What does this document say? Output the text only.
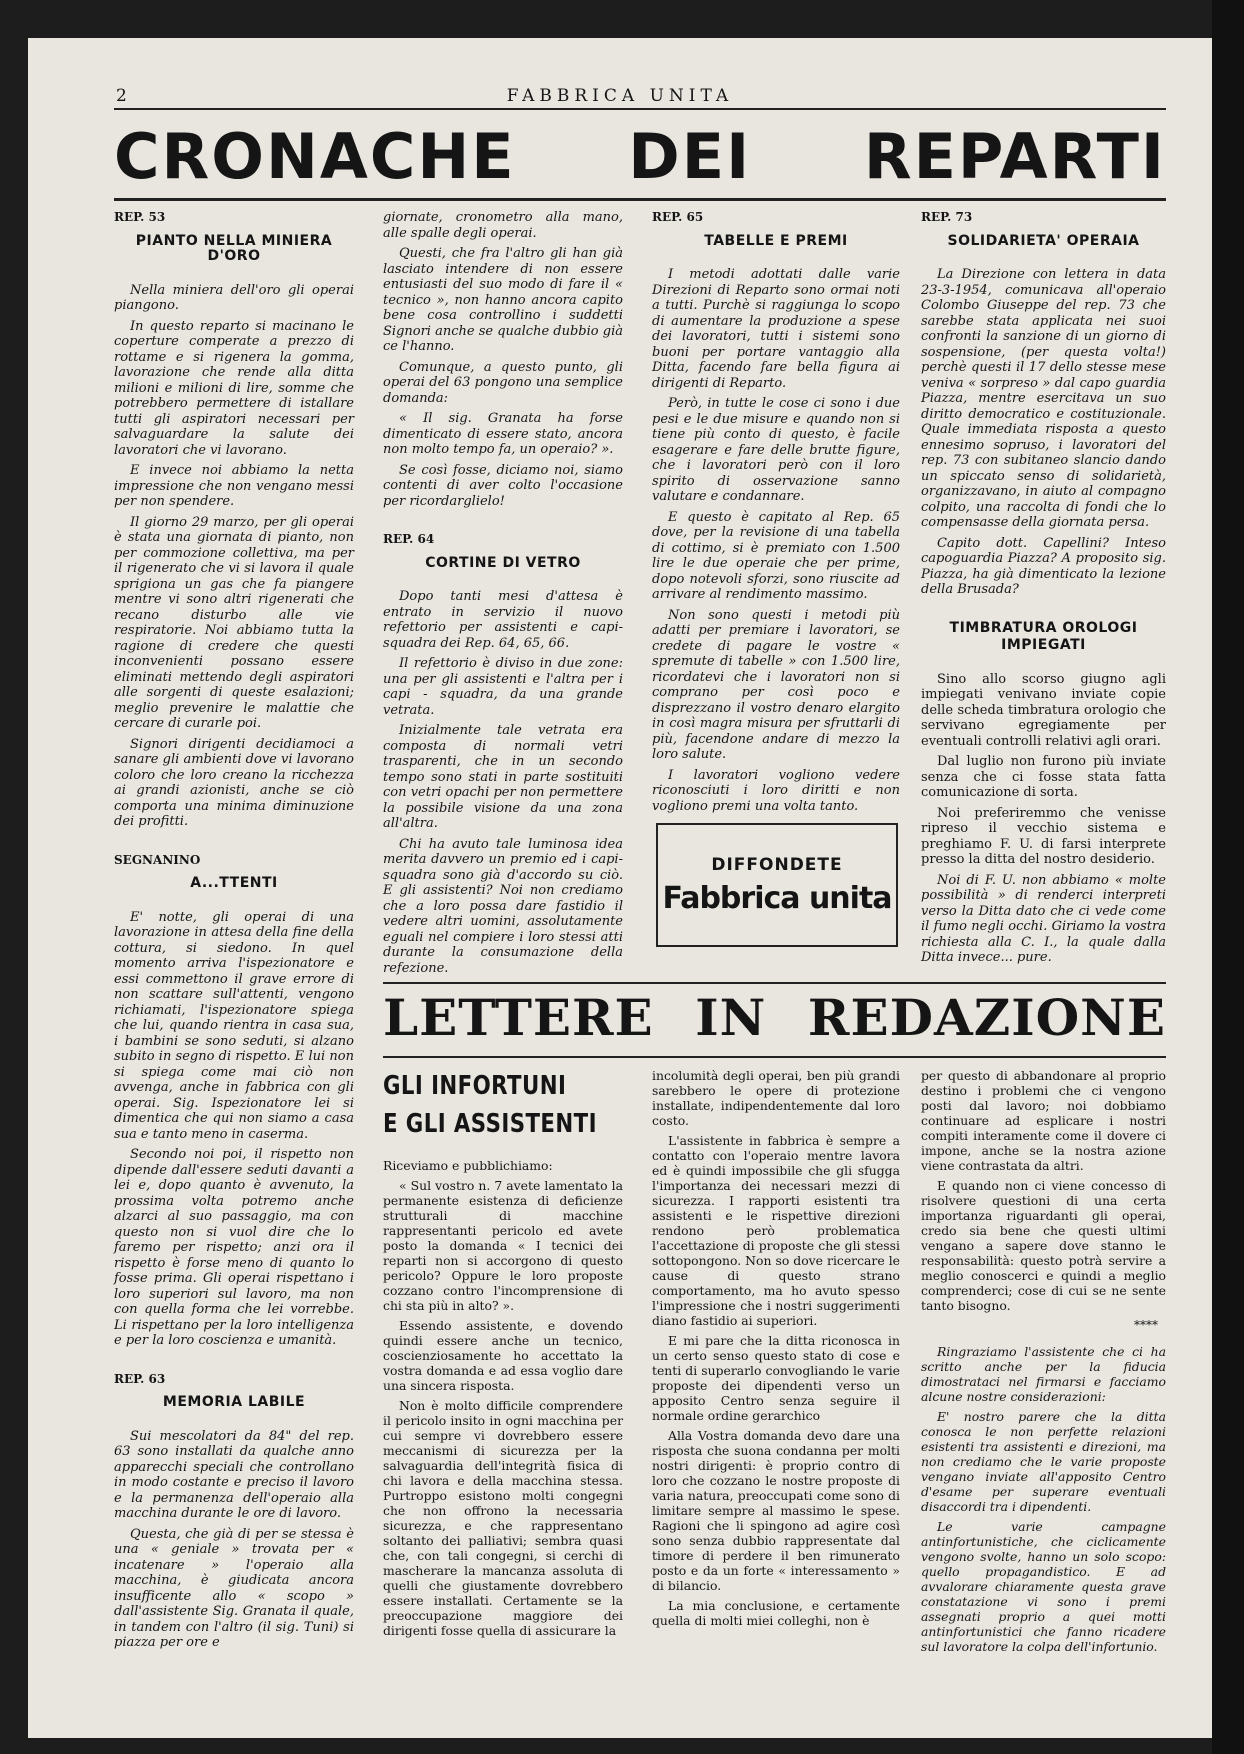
2	FABBRICA UNITA
CRONACHE DEI REPARTI
REP. 53
PIANTO NELLA MINIERA D'ORO

Nella miniera dell'oro gli operai piangono.

In questo reparto si macinano le coperture comperate a prezzo di rottame e si rigenera la gomma, lavorazione che rende alla ditta milioni e milioni di lire, somme che potrebbero permettere di istallare tutti gli aspiratori necessari per salvaguardare la salute dei lavoratori che vi lavorano.

E invece noi abbiamo la netta impressione che non vengano messi per non spendere.

Il giorno 29 marzo, per gli operai è stata una giornata di pianto, non per commozione collettiva, ma per il rigenerato che vi si lavora il quale sprigiona un gas che fa piangere mentre vi sono altri rigenerati che recano disturbo alle vie respiratorie. Noi abbiamo tutta la ragione di credere che questi inconvenienti possano essere eliminati mettendo degli aspiratori alle sorgenti di queste esalazioni; meglio prevenire le malattie che cercare di curarle poi.

Signori dirigenti decidiamoci a sanare gli ambienti dove vi lavorano coloro che loro creano la ricchezza ai grandi azionisti, anche se ciò comporta una minima diminuzione dei profitti.

SEGNANINO
A...TTENTI

E' notte, gli operai di una lavorazione in attesa della fine della cottura, si siedono. In quel momento arriva l'ispezionatore e essi commettono il grave errore di non scattare sull'attenti, vengono richiamati, l'ispezionatore spiega che lui, quando rientra in casa sua, i bambini se sono seduti, si alzano subito in segno di rispetto. E lui non si spiega come mai ciò non avvenga, anche in fabbrica con gli operai. Sig. Ispezionatore lei si dimentica che qui non siamo a casa sua e tanto meno in caserma.

Secondo noi poi, il rispetto non dipende dall'essere seduti davanti a lei e, dopo quanto è avvenuto, la prossima volta potremo anche alzarci al suo passaggio, ma con questo non si vuol dire che lo faremo per rispetto; anzi ora il rispetto è forse meno di quanto lo fosse prima. Gli operai rispettano i loro superiori sul lavoro, ma non con quella forma che lei vorrebbe. Li rispettano per la loro intelligenza e per la loro coscienza e umanità.

REP. 63
MEMORIA LABILE

Sui mescolatori da 84" del rep. 63 sono installati da qualche anno apparecchi speciali che controllano in modo costante e preciso il lavoro e la permanenza dell'operaio alla macchina durante le ore di lavoro.

Questa, che già di per se stessa è una « geniale » trovata per « incatenare » l'operaio alla macchina, è giudicata ancora insufficente allo « scopo » dall'assistente Sig. Granata il quale, in tandem con l'altro (il sig. Tuni) si piazza per ore e

giornate, cronometro alla mano, alle spalle degli operai.

Questi, che fra l'altro gli han già lasciato intendere di non essere entusiasti del suo modo di fare il « tecnico », non hanno ancora capito bene cosa controllino i suddetti Signori anche se qualche dubbio già ce l'hanno.

Comunque, a questo punto, gli operai del 63 pongono una semplice domanda:

« Il sig. Granata ha forse dimenticato di essere stato, ancora non molto tempo fa, un operaio? ».

Se così fosse, diciamo noi, siamo contenti di aver colto l'occasione per ricordarglielo!

REP. 64
CORTINE DI VETRO

Dopo tanti mesi d'attesa è entrato in servizio il nuovo refettorio per assistenti e capi-squadra dei Rep. 64, 65, 66.

Il refettorio è diviso in due zone: una per gli assistenti e l'altra per i capi - squadra, da una grande vetrata.

Inizialmente tale vetrata era composta di normali vetri trasparenti, che in un secondo tempo sono stati in parte sostituiti con vetri opachi per non permettere la possibile visione da una zona all'altra.

Chi ha avuto tale luminosa idea merita davvero un premio ed i capi-squadra sono già d'accordo su ciò. E gli assistenti? Noi non crediamo che a loro possa dare fastidio il vedere altri uomini, assolutamente eguali nel compiere i loro stessi atti durante la consumazione della refezione.

REP. 65
TABELLE E PREMI

I metodi adottati dalle varie Direzioni di Reparto sono ormai noti a tutti. Purchè si raggiunga lo scopo di aumentare la produzione a spese dei lavoratori, tutti i sistemi sono buoni per portare vantaggio alla Ditta, facendo fare bella figura ai dirigenti di Reparto.

Però, in tutte le cose ci sono i due pesi e le due misure e quando non si tiene più conto di questo, è facile esagerare e fare delle brutte figure, che i lavoratori però con il loro spirito di osservazione sanno valutare e condannare.

E questo è capitato al Rep. 65 dove, per la revisione di una tabella di cottimo, si è premiato con 1.500 lire le due operaie che per prime, dopo notevoli sforzi, sono riuscite ad arrivare al rendimento massimo.

Non sono questi i metodi più adatti per premiare i lavoratori, se credete di pagare le vostre « spremute di tabelle » con 1.500 lire, ricordatevi che i lavoratori non si comprano per così poco e disprezzano il vostro denaro elargito in così magra misura per sfruttarli di più, facendone andare di mezzo la loro salute.

I lavoratori vogliono vedere riconosciuti i loro diritti e non vogliono premi una volta tanto.

DIFFONDETE
Fabbrica unita
REP. 73
SOLIDARIETA' OPERAIA

La Direzione con lettera in data 23-3-1954, comunicava all'operaio Colombo Giuseppe del rep. 73 che sarebbe stata applicata nei suoi confronti la sanzione di un giorno di sospensione, (per questa volta!) perchè questi il 17 dello stesse mese veniva « sorpreso » dal capo guardia Piazza, mentre esercitava un suo diritto democratico e costituzionale. Quale immediata risposta a questo ennesimo sopruso, i lavoratori del rep. 73 con subitaneo slancio dando un spiccato senso di solidarietà, organizzavano, in aiuto al compagno colpito, una raccolta di fondi che lo compensasse della giornata persa.

Capito dott. Capellini? Inteso capoguardia Piazza? A proposito sig. Piazza, ha già dimenticato la lezione della Brusada?

TIMBRATURA OROLOGI
IMPIEGATI

Sino allo scorso giugno agli impiegati venivano inviate copie delle scheda timbratura orologio che servivano egregiamente per eventuali controlli relativi agli orari.

Dal luglio non furono più inviate senza che ci fosse stata fatta comunicazione di sorta.

Noi preferiremmo che venisse ripreso il vecchio sistema e preghiamo F. U. di farsi interprete presso la ditta del nostro desiderio.

Noi di F. U. non abbiamo « molte possibilità » di renderci interpreti verso la Ditta dato che ci vede come il fumo negli occhi. Giriamo la vostra richiesta alla C. I., la quale dalla Ditta invece... pure.

LETTERE IN REDAZIONE
GLI INFORTUNI
E GLI ASSISTENTI

Riceviamo e pubblichiamo:

« Sul vostro n. 7 avete lamentato la permanente esistenza di deficienze strutturali di macchine rappresentanti pericolo ed avete posto la domanda « I tecnici dei reparti non si accorgono di questo pericolo? Oppure le loro proposte cozzano contro l'incomprensione di chi sta più in alto? ».

Essendo assistente, e dovendo quindi essere anche un tecnico, coscienziosamente ho accettato la vostra domanda e ad essa voglio dare una sincera risposta.

Non è molto difficile comprendere il pericolo insito in ogni macchina per cui sempre vi dovrebbero essere meccanismi di sicurezza per la salvaguardia dell'integrità fisica di chi lavora e della macchina stessa. Purtroppo esistono molti congegni che non offrono la necessaria sicurezza, e che rappresentano soltanto dei palliativi; sembra quasi che, con tali congegni, si cerchi di mascherare la mancanza assoluta di quelli che giustamente dovrebbero essere installati. Certamente se la preoccupazione maggiore dei dirigenti fosse quella di assicurare la

incolumità degli operai, ben più grandi sarebbero le opere di protezione installate, indipendentemente dal loro costo.

L'assistente in fabbrica è sempre a contatto con l'operaio mentre lavora ed è quindi impossibile che gli sfugga l'importanza dei necessari mezzi di sicurezza. I rapporti esistenti tra assistenti e le rispettive direzioni rendono però problematica l'accettazione di proposte che gli stessi sottopongono. Non so dove ricercare le cause di questo strano comportamento, ma ho avuto spesso l'impressione che i nostri suggerimenti diano fastidio ai superiori.

E mi pare che la ditta riconosca in un certo senso questo stato di cose e tenti di superarlo convogliando le varie proposte dei dipendenti verso un apposito Centro senza seguire il normale ordine gerarchico

Alla Vostra domanda devo dare una risposta che suona condanna per molti nostri dirigenti: è proprio contro di loro che cozzano le nostre proposte di varia natura, preoccupati come sono di limitare sempre al massimo le spese. Ragioni che li spingono ad agire così sono senza dubbio rappresentate dal timore di perdere il ben rimunerato posto e da un forte « interessamento » di bilancio.

La mia conclusione, e certamente quella di molti miei colleghi, non è

per questo di abbandonare al proprio destino i problemi che ci vengono posti dal lavoro; noi dobbiamo continuare ad esplicare i nostri compiti interamente come il dovere ci impone, anche se la nostra azione viene contrastata da altri.

E quando non ci viene concesso di risolvere questioni di una certa importanza riguardanti gli operai, credo sia bene che questi ultimi vengano a sapere dove stanno le responsabilità: questo potrà servire a meglio conoscerci e quindi a meglio comprenderci; cose di cui se ne sente tanto bisogno.

****

Ringraziamo l'assistente che ci ha scritto anche per la fiducia dimostrataci nel firmarsi e facciamo alcune nostre considerazioni:

E' nostro parere che la ditta conosca le non perfette relazioni esistenti tra assistenti e direzioni, ma non crediamo che le varie proposte vengano inviate all'apposito Centro d'esame per superare eventuali disaccordi tra i dipendenti.

Le varie campagne antinfortunistiche, che ciclicamente vengono svolte, hanno un solo scopo: quello propagandistico. E ad avvalorare chiaramente questa grave constatazione vi sono i premi assegnati proprio a quei motti antinfortunistici che fanno ricadere sul lavoratore la colpa dell'infortunio.
